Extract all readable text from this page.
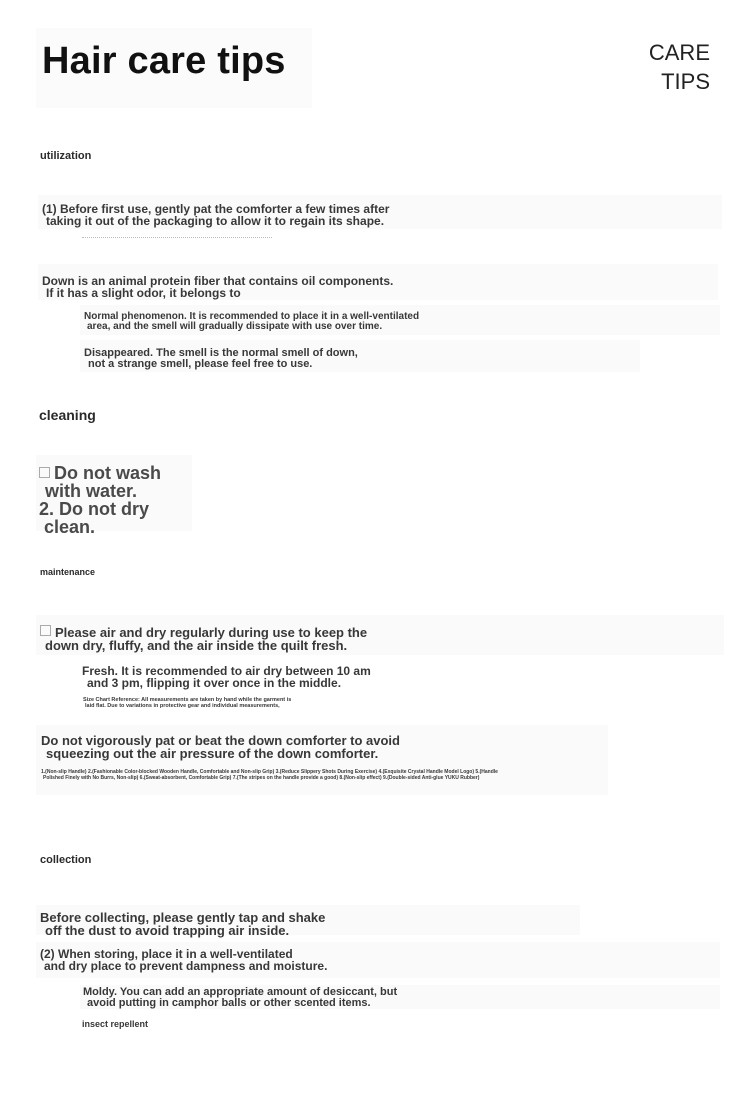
Hair care tips	CARE
TIPS
utilization
(1) Before first use, gently pat the comforter a few times after
taking it out of the packaging to allow it to regain its shape.
Down is an animal protein fiber that contains oil components.
If it has a slight odor, it belongs to
Normal phenomenon. It is recommended to place it in a well-ventilated
area, and the smell will gradually dissipate with use over time.
Disappeared. The smell is the normal smell of down,
not a strange smell, please feel free to use.
cleaning
Do not wash
with water.
2. Do not dry
clean.
maintenance
Please air and dry regularly during use to keep the
down dry, fluffy, and the air inside the quilt fresh.
Fresh. It is recommended to air dry between 10 am
and 3 pm, flipping it over once in the middle.
Size Chart Reference: All measurements are taken by hand while the garment is
laid flat. Due to variations in protective gear and individual measurements,
Do not vigorously pat or beat the down comforter to avoid
squeezing out the air pressure of the down comforter.
1.(Non-slip Handle) 2.(Fashionable Color-blocked Wooden Handle, Comfortable and Non-slip Grip) 3.(Reduce Slippery Shots During Exercise) 4.(Exquisite Crystal Handle Model Logo) 5.(Handle
Polished Finely with No Burrs, Non-slip) 6.(Sweat-absorbent, Comfortable Grip) 7.(The stripes on the handle provide a good) 8.(Non-slip effect) 9.(Double-sided Anti-glue YUKU Rubber)
collection
Before collecting, please gently tap and shake
off the dust to avoid trapping air inside.
(2) When storing, place it in a well-ventilated
and dry place to prevent dampness and moisture.
Moldy. You can add an appropriate amount of desiccant, but
avoid putting in camphor balls or other scented items.
insect repellent
